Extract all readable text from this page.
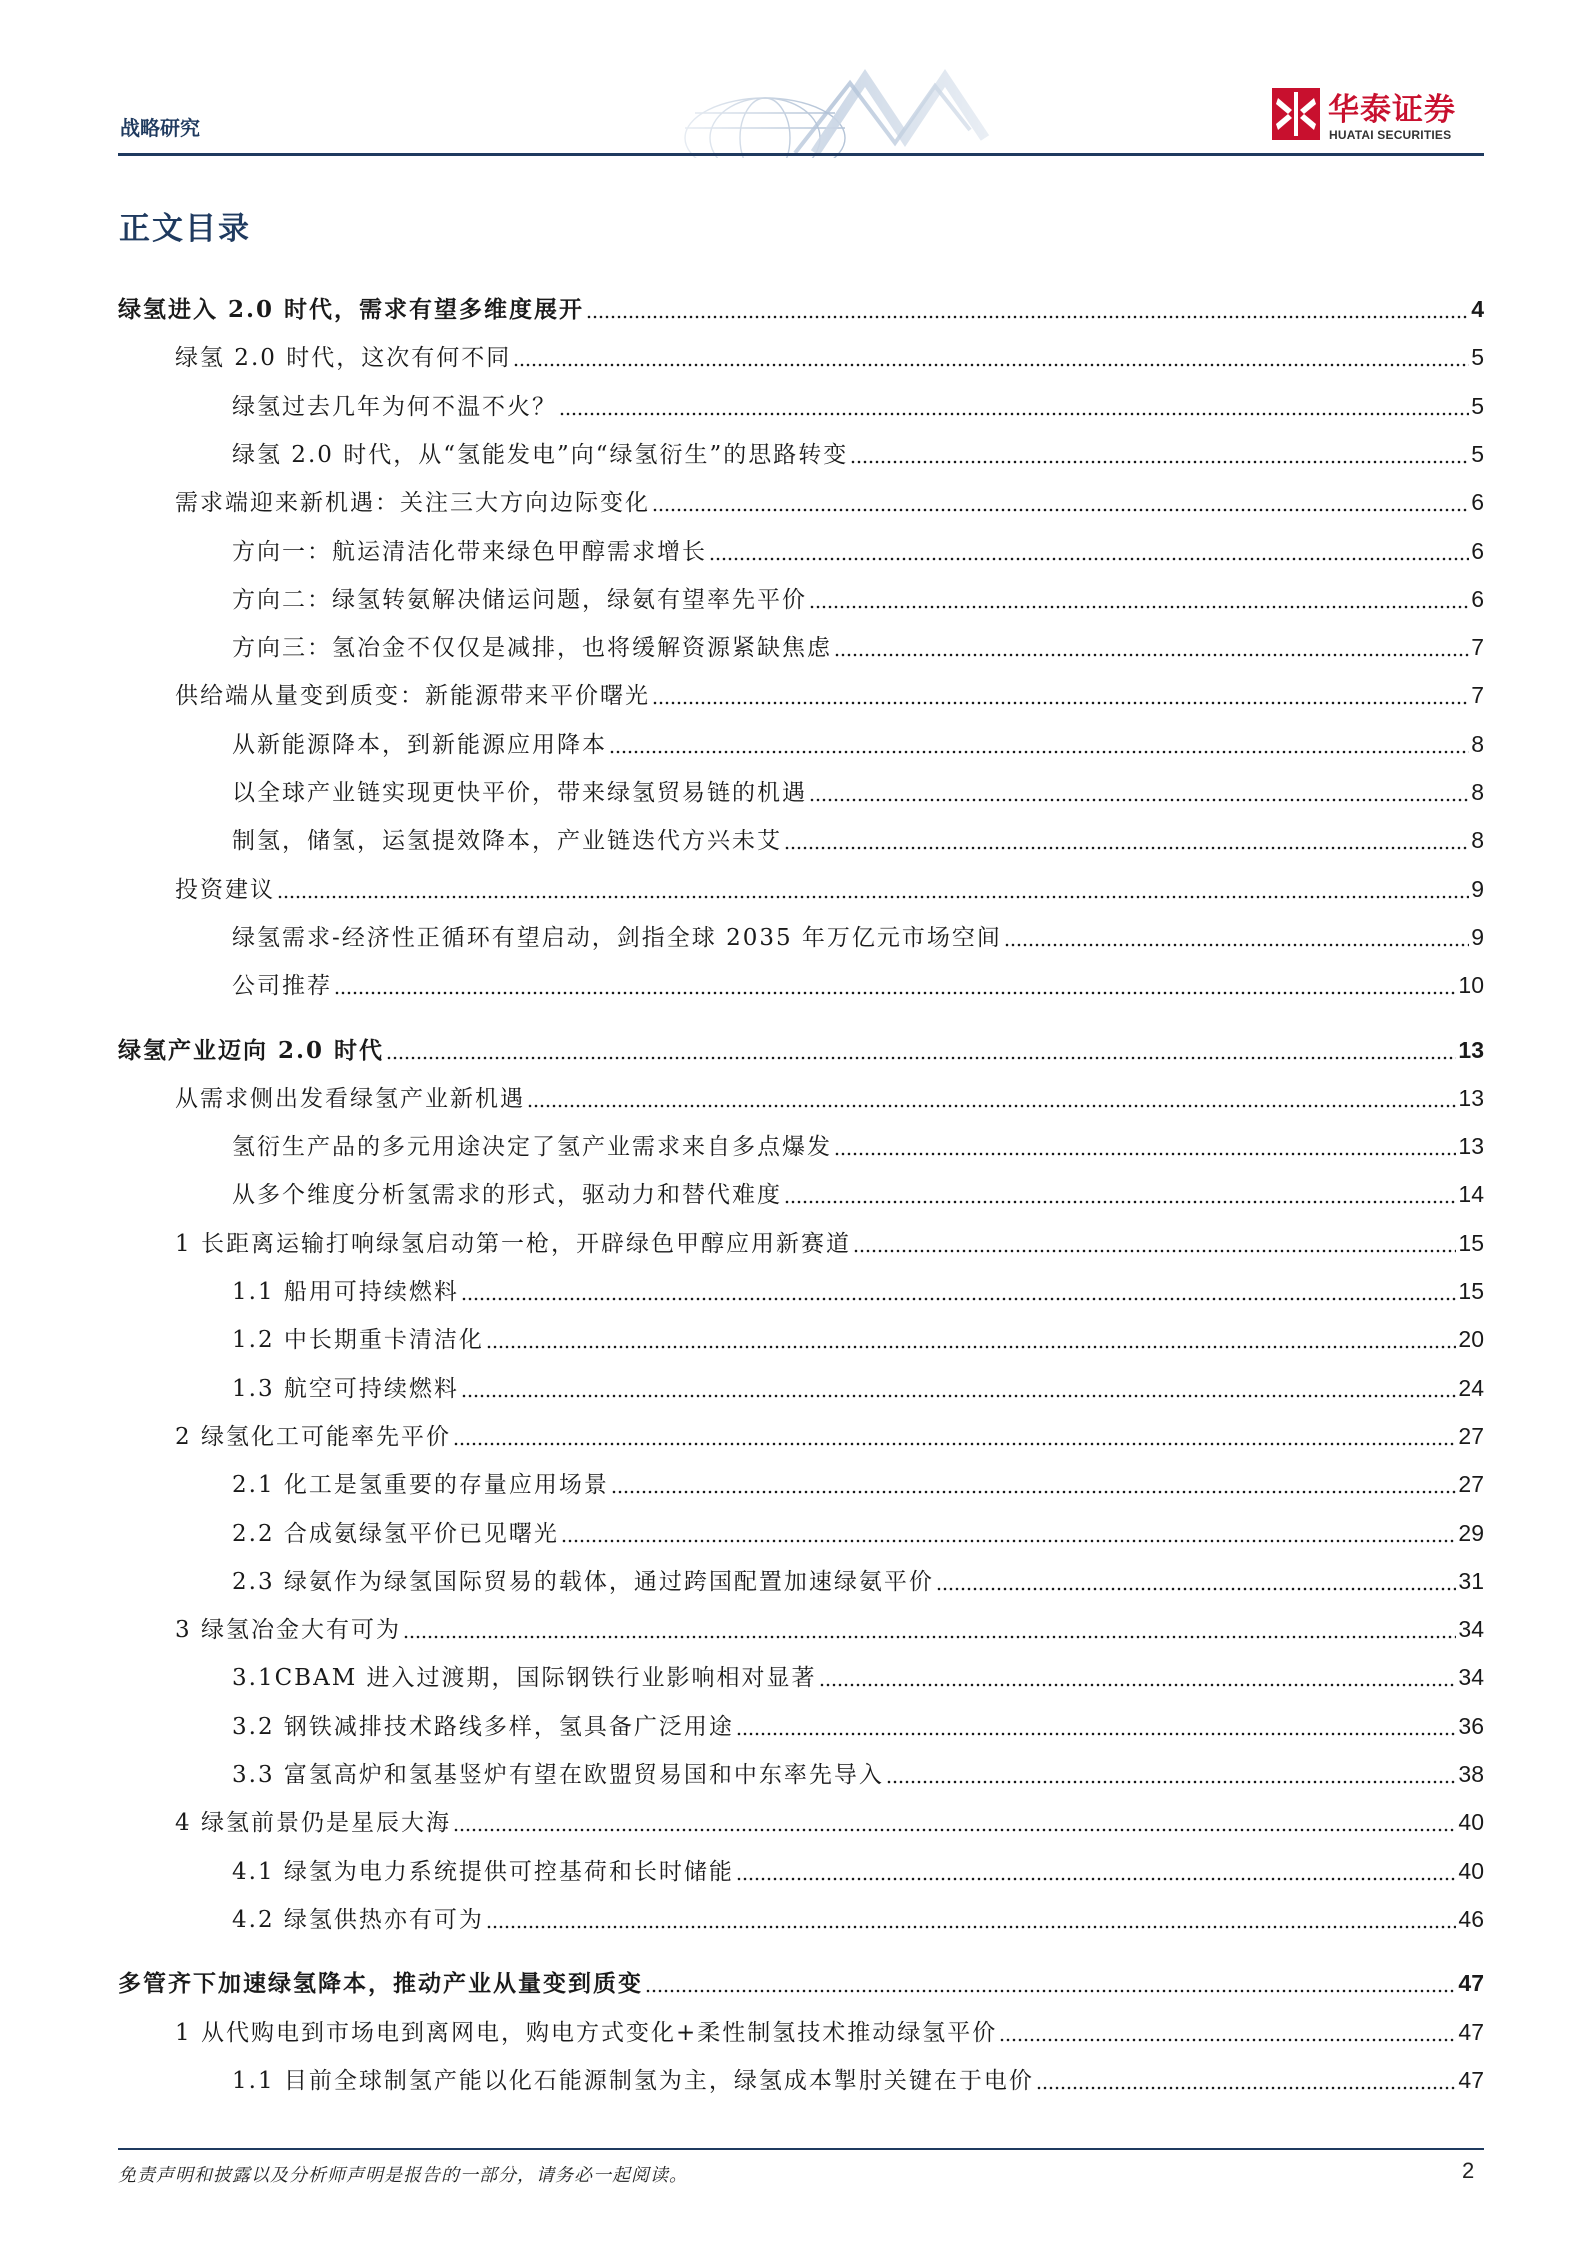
战略研究	华泰证券
HUATAI SECURITIES
正文目录
绿氢进入 2.0 时代，需求有望多维度展开	4
绿氢 2.0 时代，这次有何不同	5
绿氢过去几年为何不温不火？	5
绿氢 2.0 时代，从“氢能发电”向“绿氢衍生”的思路转变	5
需求端迎来新机遇：关注三大方向边际变化	6
方向一：航运清洁化带来绿色甲醇需求增长	6
方向二：绿氢转氨解决储运问题，绿氨有望率先平价	6
方向三：氢冶金不仅仅是减排，也将缓解资源紧缺焦虑	7
供给端从量变到质变：新能源带来平价曙光	7
从新能源降本，到新能源应用降本	8
以全球产业链实现更快平价，带来绿氢贸易链的机遇	8
制氢，储氢，运氢提效降本，产业链迭代方兴未艾	8
投资建议	9
绿氢需求-经济性正循环有望启动，剑指全球 2035 年万亿元市场空间	9
公司推荐	10
绿氢产业迈向 2.0 时代	13
从需求侧出发看绿氢产业新机遇	13
氢衍生产品的多元用途决定了氢产业需求来自多点爆发	13
从多个维度分析氢需求的形式，驱动力和替代难度	14
1 长距离运输打响绿氢启动第一枪，开辟绿色甲醇应用新赛道	15
1.1 船用可持续燃料	15
1.2 中长期重卡清洁化	20
1.3 航空可持续燃料	24
2 绿氢化工可能率先平价	27
2.1 化工是氢重要的存量应用场景	27
2.2 合成氨绿氢平价已见曙光	29
2.3 绿氨作为绿氢国际贸易的载体，通过跨国配置加速绿氨平价	31
3 绿氢冶金大有可为	34
3.1CBAM 进入过渡期，国际钢铁行业影响相对显著	34
3.2 钢铁减排技术路线多样，氢具备广泛用途	36
3.3 富氢高炉和氢基竖炉有望在欧盟贸易国和中东率先导入	38
4 绿氢前景仍是星辰大海	40
4.1 绿氢为电力系统提供可控基荷和长时储能	40
4.2 绿氢供热亦有可为	46
多管齐下加速绿氢降本，推动产业从量变到质变	47
1 从代购电到市场电到离网电，购电方式变化+柔性制氢技术推动绿氢平价	47
1.1 目前全球制氢产能以化石能源制氢为主，绿氢成本掣肘关键在于电价	47
免责声明和披露以及分析师声明是报告的一部分，请务必一起阅读。	2
